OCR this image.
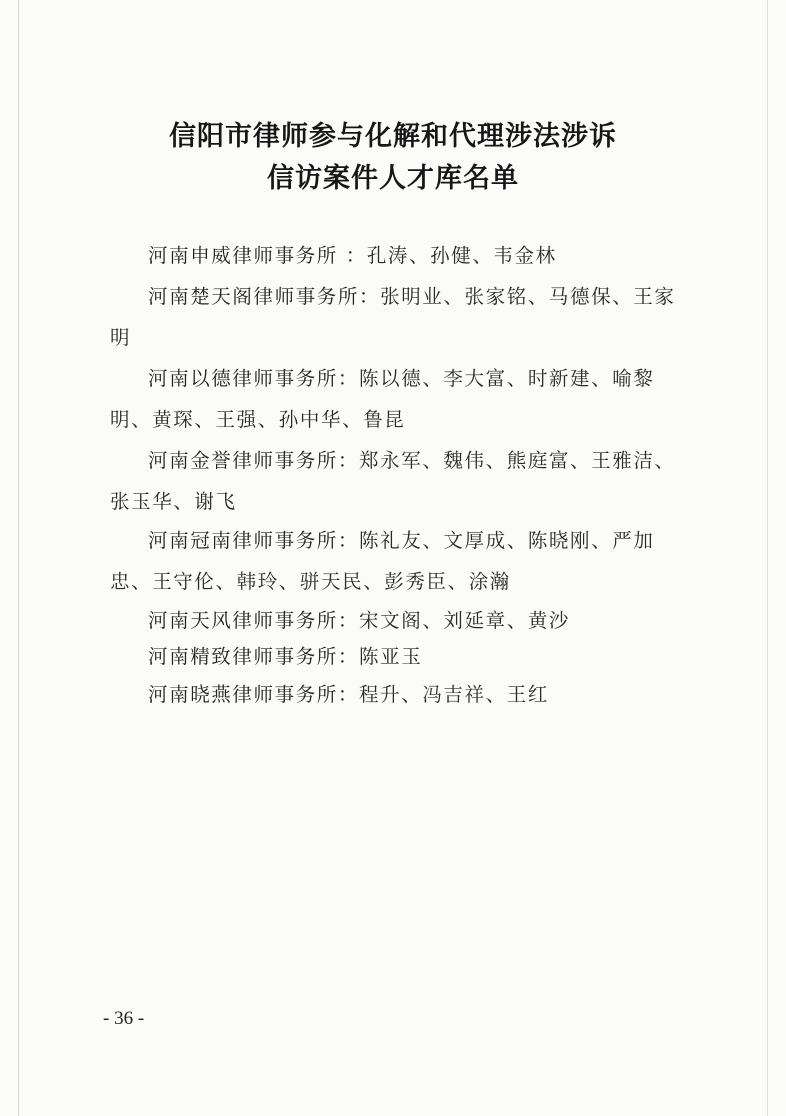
信阳市律师参与化解和代理涉法涉诉
信访案件人才库名单
河南申威律师事务所 ：孔涛、孙健、韦金林
河南楚天阁律师事务所：张明业、张家铭、马德保、王家明
河南以德律师事务所：陈以德、李大富、时新建、喻黎明、黄琛、王强、孙中华、鲁昆
河南金誉律师事务所：郑永军、魏伟、熊庭富、王雅洁、张玉华、谢飞
河南冠南律师事务所：陈礼友、文厚成、陈晓刚、严加忠、王守伦、韩玲、骈天民、彭秀臣、涂瀚
河南天风律师事务所：宋文阁、刘延章、黄沙
河南精致律师事务所：陈亚玉
河南晓燕律师事务所：程升、冯吉祥、王红
- 36 -
